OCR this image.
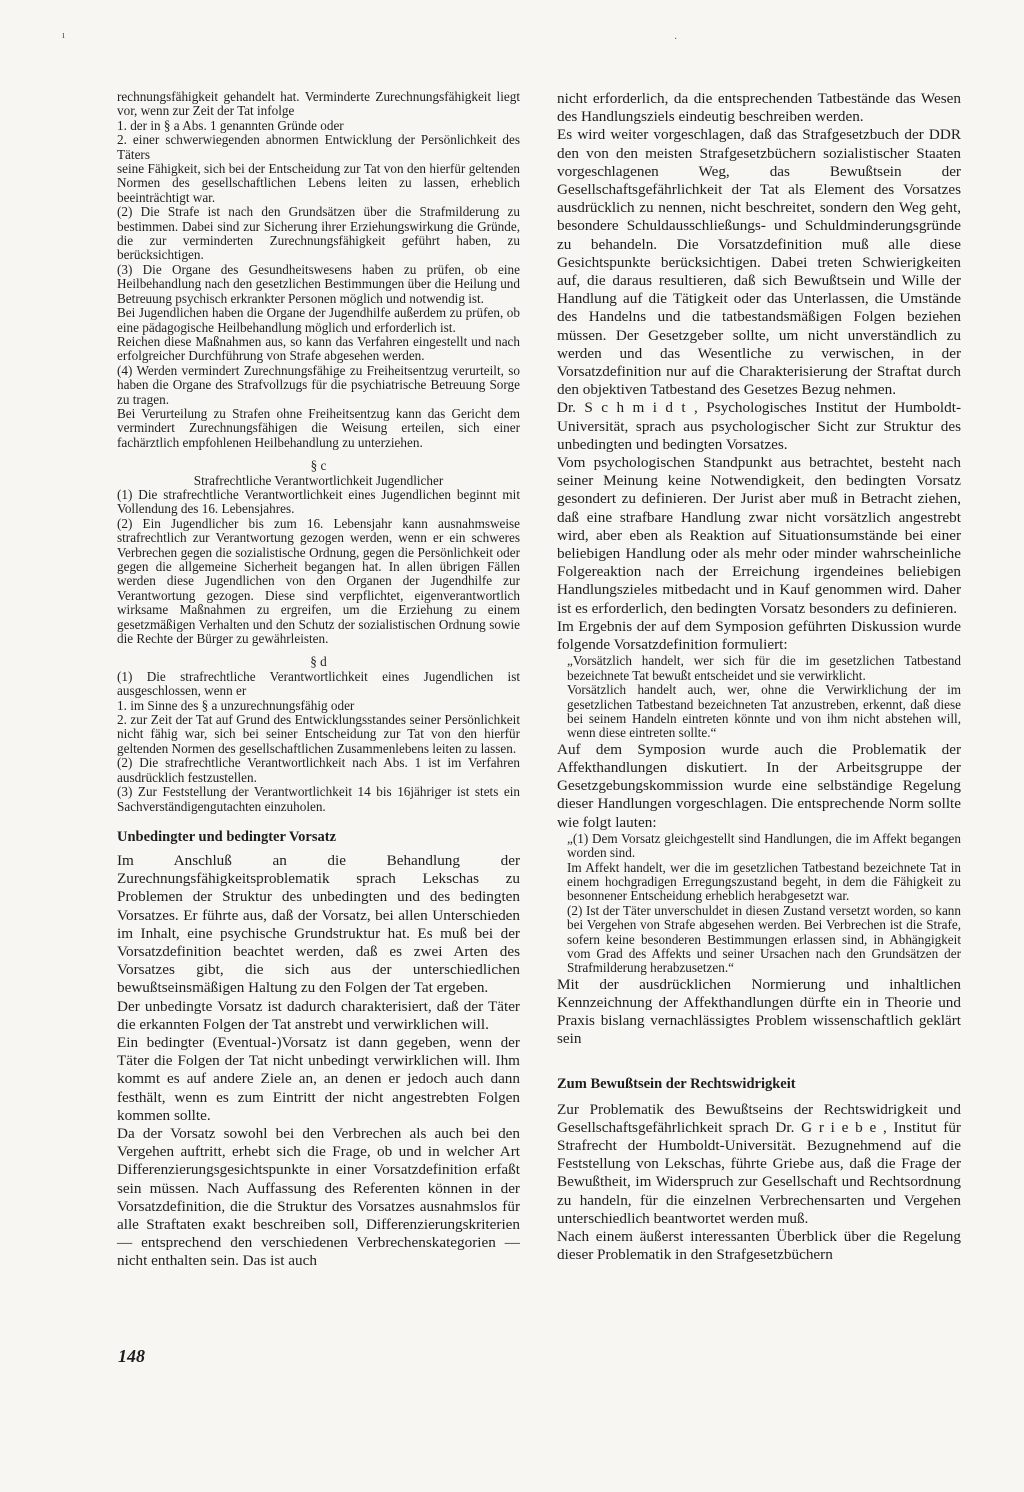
ı	·

rechnungsfähigkeit gehandelt hat. Verminderte Zurechnungsfähigkeit liegt vor, wenn zur Zeit der Tat infolge

1. der in § a Abs. 1 genannten Gründe oder

2. einer schwerwiegenden abnormen Entwicklung der Persönlichkeit des Täters

seine Fähigkeit, sich bei der Entscheidung zur Tat von den hierfür geltenden Normen des gesellschaftlichen Lebens leiten zu lassen, erheblich beeinträchtigt war.

(2) Die Strafe ist nach den Grundsätzen über die Strafmilderung zu bestimmen. Dabei sind zur Sicherung ihrer Erziehungswirkung die Gründe, die zur verminderten Zurechnungsfähigkeit geführt haben, zu berücksichtigen.

(3) Die Organe des Gesundheitswesens haben zu prüfen, ob eine Heilbehandlung nach den gesetzlichen Bestimmungen über die Heilung und Betreuung psychisch erkrankter Personen möglich und notwendig ist.

Bei Jugendlichen haben die Organe der Jugendhilfe außerdem zu prüfen, ob eine pädagogische Heilbehandlung möglich und erforderlich ist.

Reichen diese Maßnahmen aus, so kann das Verfahren eingestellt und nach erfolgreicher Durchführung von Strafe abgesehen werden.

(4) Werden vermindert Zurechnungsfähige zu Freiheitsentzug verurteilt, so haben die Organe des Strafvollzugs für die psychiatrische Betreuung Sorge zu tragen.

Bei Verurteilung zu Strafen ohne Freiheitsentzug kann das Gericht dem vermindert Zurechnungsfähigen die Weisung erteilen, sich einer fachärztlich empfohlenen Heilbehandlung zu unterziehen.

§ c

Strafrechtliche Verantwortlichkeit Jugendlicher

(1) Die strafrechtliche Verantwortlichkeit eines Jugendlichen beginnt mit Vollendung des 16. Lebensjahres.

(2) Ein Jugendlicher bis zum 16. Lebensjahr kann ausnahmsweise strafrechtlich zur Verantwortung gezogen werden, wenn er ein schweres Verbrechen gegen die sozialistische Ordnung, gegen die Persönlichkeit oder gegen die allgemeine Sicherheit begangen hat. In allen übrigen Fällen werden diese Jugendlichen von den Organen der Jugendhilfe zur Verantwortung gezogen. Diese sind verpflichtet, eigenverantwortlich wirksame Maßnahmen zu ergreifen, um die Erziehung zu einem gesetzmäßigen Verhalten und den Schutz der sozialistischen Ordnung sowie die Rechte der Bürger zu gewährleisten.

§ d

(1) Die strafrechtliche Verantwortlichkeit eines Jugendlichen ist ausgeschlossen, wenn er

1. im Sinne des § a unzurechnungsfähig oder

2. zur Zeit der Tat auf Grund des Entwicklungsstandes seiner Persönlichkeit nicht fähig war, sich bei seiner Entscheidung zur Tat von den hierfür geltenden Normen des gesellschaftlichen Zusammenlebens leiten zu lassen.

(2) Die strafrechtliche Verantwortlichkeit nach Abs. 1 ist im Verfahren ausdrücklich festzustellen.

(3) Zur Feststellung der Verantwortlichkeit 14 bis 16jähriger ist stets ein Sachverständigengutachten einzuholen.

Unbedingter und bedingter Vorsatz

Im Anschluß an die Behandlung der Zurechnungsfähigkeitsproblematik sprach Lekschas zu Problemen der Struktur des unbedingten und des bedingten Vorsatzes. Er führte aus, daß der Vorsatz, bei allen Unterschieden im Inhalt, eine psychische Grundstruktur hat. Es muß bei der Vorsatzdefinition beachtet werden, daß es zwei Arten des Vorsatzes gibt, die sich aus der unterschiedlichen bewußtseinsmäßigen Haltung zu den Folgen der Tat ergeben.

Der unbedingte Vorsatz ist dadurch charakterisiert, daß der Täter die erkannten Folgen der Tat anstrebt und verwirklichen will.

Ein bedingter (Eventual-)Vorsatz ist dann gegeben, wenn der Täter die Folgen der Tat nicht unbedingt verwirklichen will. Ihm kommt es auf andere Ziele an, an denen er jedoch auch dann festhält, wenn es zum Eintritt der nicht angestrebten Folgen kommen sollte.

Da der Vorsatz sowohl bei den Verbrechen als auch bei den Vergehen auftritt, erhebt sich die Frage, ob und in welcher Art Differenzierungsgesichtspunkte in einer Vorsatzdefinition erfaßt sein müssen. Nach Auffassung des Referenten können in der Vorsatzdefinition, die die Struktur des Vorsatzes ausnahmslos für alle Straftaten exakt beschreiben soll, Differenzierungskriterien — entsprechend den verschiedenen Verbrechenskategorien — nicht enthalten sein. Das ist auch

nicht erforderlich, da die entsprechenden Tatbestände das Wesen des Handlungsziels eindeutig beschreiben werden.

Es wird weiter vorgeschlagen, daß das Strafgesetzbuch der DDR den von den meisten Strafgesetzbüchern sozialistischer Staaten vorgeschlagenen Weg, das Bewußtsein der Gesellschaftsgefährlichkeit der Tat als Element des Vorsatzes ausdrücklich zu nennen, nicht beschreitet, sondern den Weg geht, besondere Schuldausschließungs- und Schuldminderungsgründe zu behandeln. Die Vorsatzdefinition muß alle diese Gesichtspunkte berücksichtigen. Dabei treten Schwierigkeiten auf, die daraus resultieren, daß sich Bewußtsein und Wille der Handlung auf die Tätigkeit oder das Unterlassen, die Umstände des Handelns und die tatbestandsmäßigen Folgen beziehen müssen. Der Gesetzgeber sollte, um nicht unverständlich zu werden und das Wesentliche zu verwischen, in der Vorsatzdefinition nur auf die Charakterisierung der Straftat durch den objektiven Tatbestand des Gesetzes Bezug nehmen.

Dr. S c h m i d t , Psychologisches Institut der Humboldt-Universität, sprach aus psychologischer Sicht zur Struktur des unbedingten und bedingten Vorsatzes.

Vom psychologischen Standpunkt aus betrachtet, besteht nach seiner Meinung keine Notwendigkeit, den bedingten Vorsatz gesondert zu definieren. Der Jurist aber muß in Betracht ziehen, daß eine strafbare Handlung zwar nicht vorsätzlich angestrebt wird, aber eben als Reaktion auf Situationsumstände bei einer beliebigen Handlung oder als mehr oder minder wahrscheinliche Folgereaktion nach der Erreichung irgendeines beliebigen Handlungszieles mitbedacht und in Kauf genommen wird. Daher ist es erforderlich, den bedingten Vorsatz besonders zu definieren.

Im Ergebnis der auf dem Symposion geführten Diskussion wurde folgende Vorsatzdefinition formuliert:

„Vorsätzlich handelt, wer sich für die im gesetzlichen Tatbestand bezeichnete Tat bewußt entscheidet und sie verwirklicht.

Vorsätzlich handelt auch, wer, ohne die Verwirklichung der im gesetzlichen Tatbestand bezeichneten Tat anzustreben, erkennt, daß diese bei seinem Handeln eintreten könnte und von ihm nicht abstehen will, wenn diese eintreten sollte.“

Auf dem Symposion wurde auch die Problematik der Affekthandlungen diskutiert. In der Arbeitsgruppe der Gesetzgebungskommission wurde eine selbständige Regelung dieser Handlungen vorgeschlagen. Die entsprechende Norm sollte wie folgt lauten:

„(1) Dem Vorsatz gleichgestellt sind Handlungen, die im Affekt begangen worden sind.

Im Affekt handelt, wer die im gesetzlichen Tatbestand bezeichnete Tat in einem hochgradigen Erregungszustand begeht, in dem die Fähigkeit zu besonnener Entscheidung erheblich herabgesetzt war.

(2) Ist der Täter unverschuldet in diesen Zustand versetzt worden, so kann bei Vergehen von Strafe abgesehen werden. Bei Verbrechen ist die Strafe, sofern keine besonderen Bestimmungen erlassen sind, in Abhängigkeit vom Grad des Affekts und seiner Ursachen nach den Grundsätzen der Strafmilderung herabzusetzen.“

Mit der ausdrücklichen Normierung und inhaltlichen Kennzeichnung der Affekthandlungen dürfte ein in Theorie und Praxis bislang vernachlässigtes Problem wissenschaftlich geklärt sein

Zum Bewußtsein der Rechtswidrigkeit

Zur Problematik des Bewußtseins der Rechtswidrigkeit und Gesellschaftsgefährlichkeit sprach Dr. G r i e b e , Institut für Strafrecht der Humboldt-Universität. Bezugnehmend auf die Feststellung von Lekschas, führte Griebe aus, daß die Frage der Bewußtheit, im Widerspruch zur Gesellschaft und Rechtsordnung zu handeln, für die einzelnen Verbrechensarten und Vergehen unterschiedlich beantwortet werden muß.

Nach einem äußerst interessanten Überblick über die Regelung dieser Problematik in den Strafgesetzbüchern

148
